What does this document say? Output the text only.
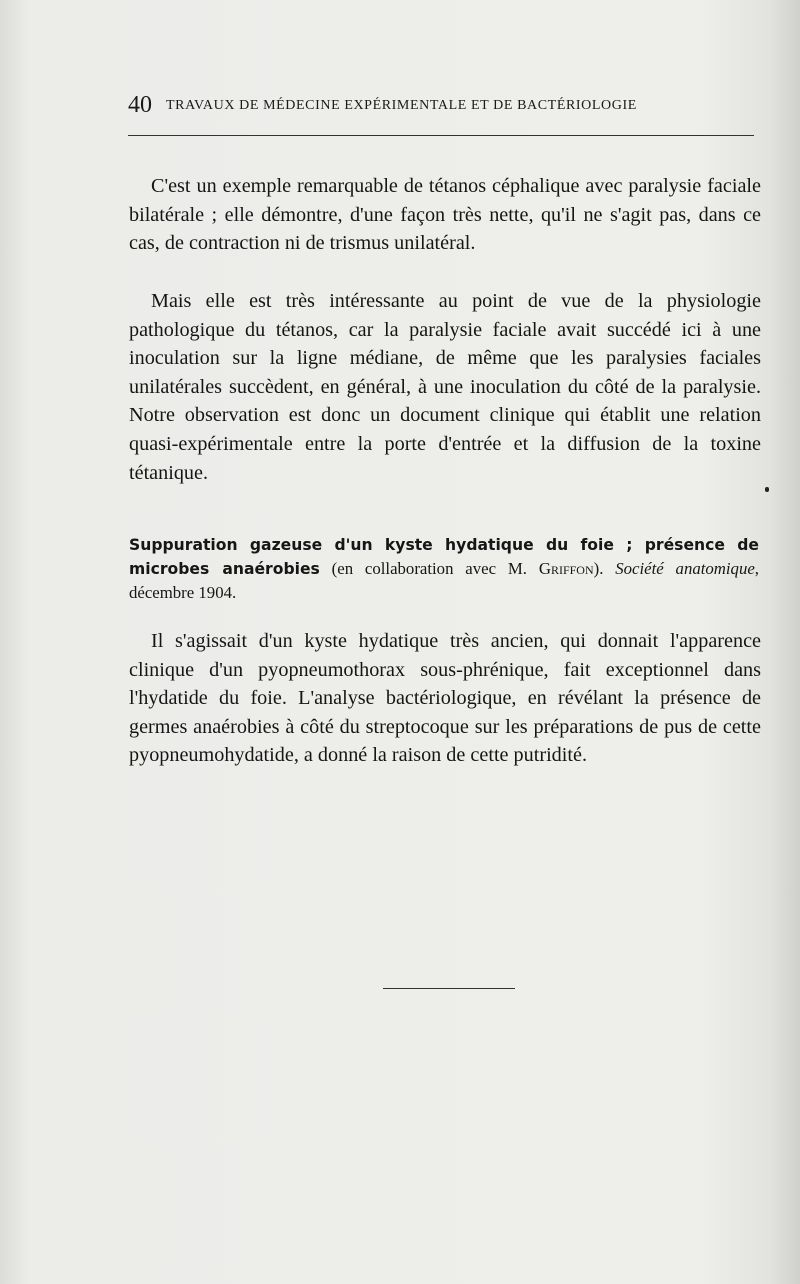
40 TRAVAUX DE MÉDECINE EXPÉRIMENTALE ET DE BACTÉRIOLOGIE

C'est un exemple remarquable de tétanos céphalique avec paralysie faciale bilatérale ; elle démontre, d'une façon très nette, qu'il ne s'agit pas, dans ce cas, de contraction ni de trismus unilatéral.

Mais elle est très intéressante au point de vue de la physiologie pathologique du tétanos, car la paralysie faciale avait succédé ici à une inoculation sur la ligne médiane, de même que les paralysies faciales unilatérales succèdent, en général, à une inoculation du côté de la paralysie. Notre observation est donc un document clinique qui établit une relation quasi-expérimentale entre la porte d'entrée et la diffusion de la toxine tétanique.

Suppuration gazeuse d'un kyste hydatique du foie ; présence de microbes anaérobies (en collaboration avec M. Griffon). Société anatomique, décembre 1904.

Il s'agissait d'un kyste hydatique très ancien, qui donnait l'apparence clinique d'un pyopneumothorax sous-phrénique, fait exceptionnel dans l'hydatide du foie. L'analyse bactériologique, en révélant la présence de germes anaérobies à côté du streptocoque sur les préparations de pus de cette pyopneumohydatide, a donné la raison de cette putridité.
